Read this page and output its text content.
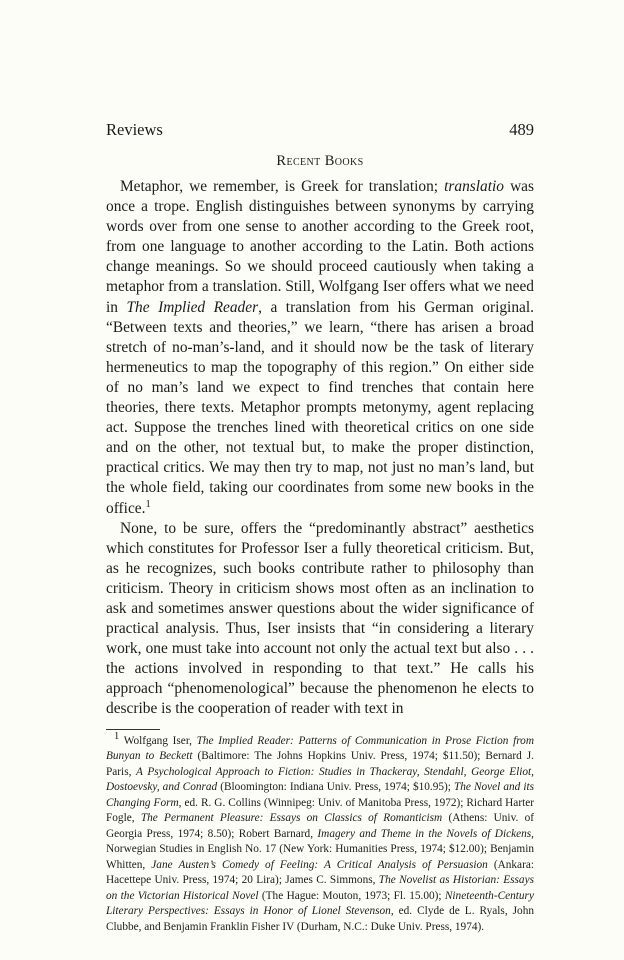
Reviews	489
Recent Books

Metaphor, we remember, is Greek for translation; translatio was once a trope. English distinguishes between synonyms by carrying words over from one sense to another according to the Greek root, from one language to another according to the Latin. Both actions change meanings. So we should proceed cautiously when taking a metaphor from a translation. Still, Wolfgang Iser offers what we need in The Implied Reader, a translation from his German original. “Between texts and theories,” we learn, “there has arisen a broad stretch of no-man’s-land, and it should now be the task of literary hermeneutics to map the topography of this region.” On either side of no man’s land we expect to find trenches that contain here theories, there texts. Metaphor prompts metonymy, agent replacing act. Suppose the trenches lined with theoretical critics on one side and on the other, not textual but, to make the proper distinction, practical critics. We may then try to map, not just no man’s land, but the whole field, taking our coordinates from some new books in the office.$^1$

None, to be sure, offers the “predominantly abstract” aesthetics which constitutes for Professor Iser a fully theoretical criticism. But, as he recognizes, such books contribute rather to philosophy than criticism. Theory in criticism shows most often as an inclination to ask and sometimes answer questions about the wider significance of practical analysis. Thus, Iser insists that “in considering a literary work, one must take into account not only the actual text but also . . . the actions involved in responding to that text.” He calls his approach “phenomenological” because the phenomenon he elects to describe is the cooperation of reader with text in

$^1$ Wolfgang Iser, The Implied Reader: Patterns of Communication in Prose Fiction from Bunyan to Beckett (Baltimore: The Johns Hopkins Univ. Press, 1974; $11.50); Bernard J. Paris, A Psychological Approach to Fiction: Studies in Thackeray, Stendahl, George Eliot, Dostoevsky, and Conrad (Bloomington: Indiana Univ. Press, 1974; $10.95); The Novel and its Changing Form, ed. R. G. Collins (Winnipeg: Univ. of Manitoba Press, 1972); Richard Harter Fogle, The Permanent Pleasure: Essays on Classics of Romanticism (Athens: Univ. of Georgia Press, 1974; 8.50); Robert Barnard, Imagery and Theme in the Novels of Dickens, Norwegian Studies in English No. 17 (New York: Humanities Press, 1974; $12.00); Benjamin Whitten, Jane Austen’s Comedy of Feeling: A Critical Analysis of Persuasion (Ankara: Hacettepe Univ. Press, 1974; 20 Lira); James C. Simmons, The Novelist as Historian: Essays on the Victorian Historical Novel (The Hague: Mouton, 1973; Fl. 15.00); Nineteenth-Century Literary Perspectives: Essays in Honor of Lionel Stevenson, ed. Clyde de L. Ryals, John Clubbe, and Benjamin Franklin Fisher IV (Durham, N.C.: Duke Univ. Press, 1974).
